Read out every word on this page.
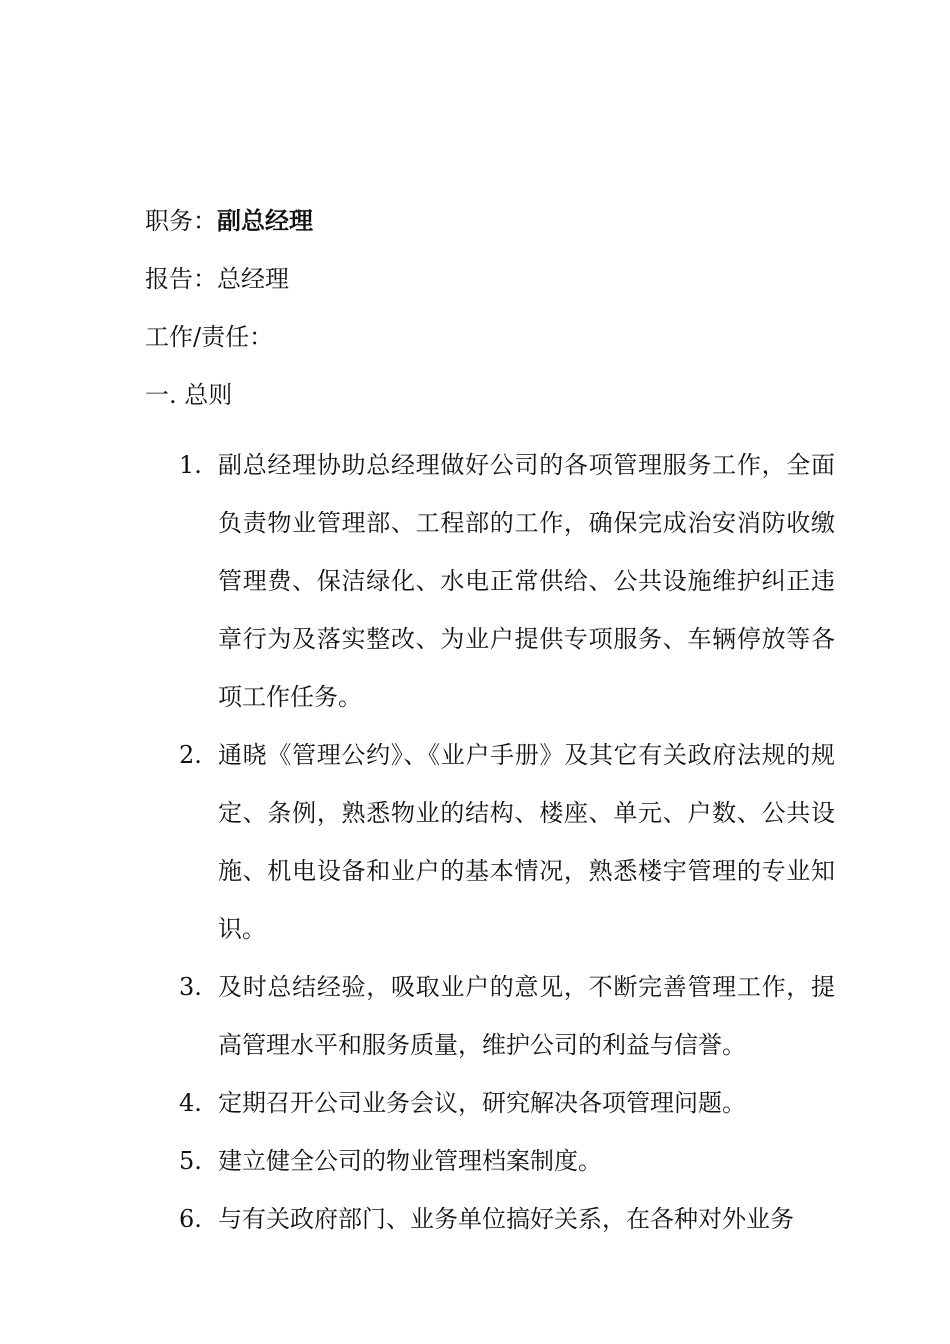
职务：副总经理
报告：总经理
工作/责任：
一. 总则
1. 副总经理协助总经理做好公司的各项管理服务工作，全面负责物业管理部、工程部的工作，确保完成治安消防收缴管理费、保洁绿化、水电正常供给、公共设施维护纠正违章行为及落实整改、为业户提供专项服务、车辆停放等各项工作任务。
2. 通晓《管理公约》、《业户手册》及其它有关政府法规的规定、条例，熟悉物业的结构、楼座、单元、户数、公共设施、机电设备和业户的基本情况，熟悉楼宇管理的专业知识。
3. 及时总结经验，吸取业户的意见，不断完善管理工作，提高管理水平和服务质量，维护公司的利益与信誉。
4. 定期召开公司业务会议，研究解决各项管理问题。
5. 建立健全公司的物业管理档案制度。
6. 与有关政府部门、业务单位搞好关系，在各种对外业务
